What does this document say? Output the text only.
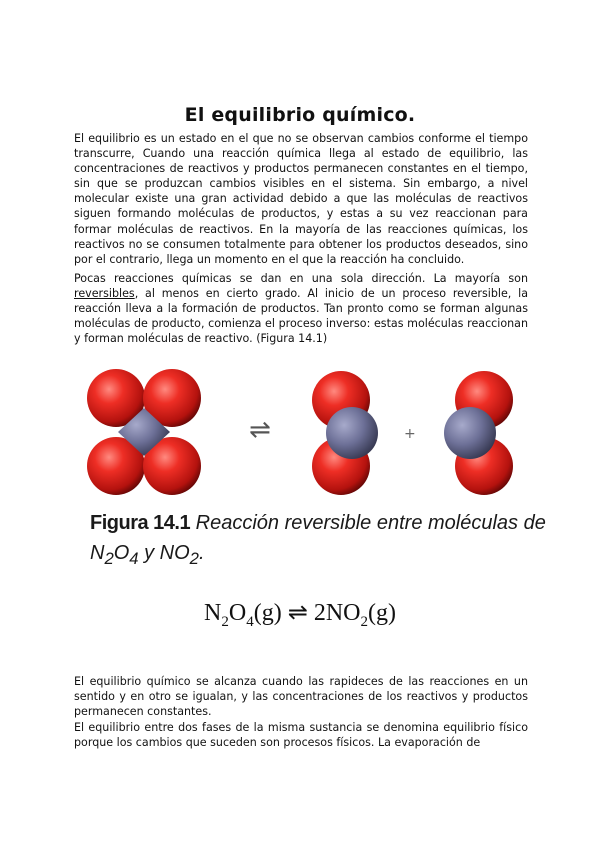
El equilibrio químico.

El equilibrio es un estado en el que no se observan cambios conforme el tiempo transcurre, Cuando una reacción química llega al estado de equilibrio, las concentraciones de reactivos y productos permanecen constantes en el tiempo, sin que se produzcan cambios visibles en el sistema. Sin embargo, a nivel molecular existe una gran actividad debido a que las moléculas de reactivos siguen formando moléculas de productos, y estas a su vez reaccionan para formar moléculas de reactivos. En la mayoría de las reacciones químicas, los reactivos no se consumen totalmente para obtener los productos deseados, sino por el contrario, llega un momento en el que la reacción ha concluido.

Pocas reacciones químicas se dan en una sola dirección. La mayoría son reversibles, al menos en cierto grado. Al inicio de un proceso reversible, la reacción lleva a la formación de productos. Tan pronto como se forman algunas moléculas de producto, comienza el proceso inverso: estas moléculas reaccionan y forman moléculas de reactivo. (Figura 14.1)

⇌	+
Figura 14.1 Reacción reversible entre moléculas de
$N_2O_4$ y $NO_2$.
$N_2O_4(g)$ ⇌ $2NO_2(g)$

El equilibrio químico se alcanza cuando las rapideces de las reacciones en un sentido y en otro se igualan, y las concentraciones de los reactivos y productos permanecen constantes.

El equilibrio entre dos fases de la misma sustancia se denomina equilibrio físico porque los cambios que suceden son procesos físicos. La evaporación de
